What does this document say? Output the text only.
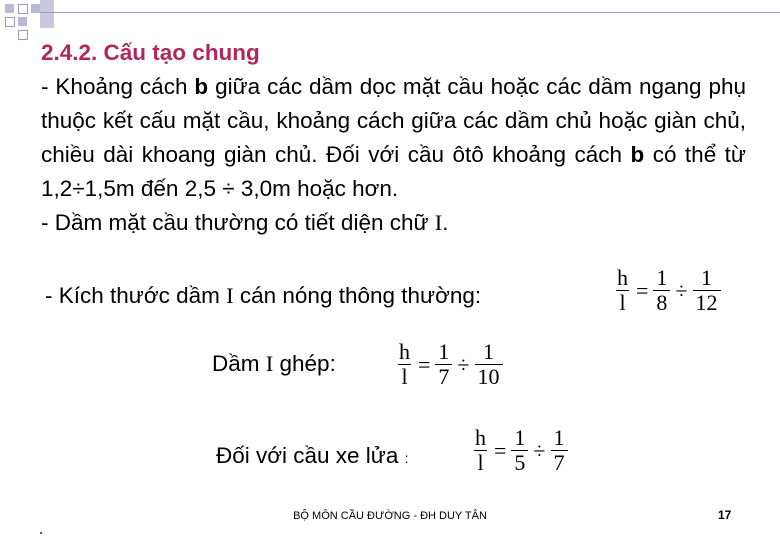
2.4.2. Cấu tạo chung
- Khoảng cách b giữa các dầm dọc mặt cầu hoặc các dầm ngang phụ thuộc kết cấu mặt cầu, khoảng cách giữa các dầm chủ hoặc giàn chủ, chiều dài khoang giàn chủ. Đối với cầu ôtô khoảng cách b có thể từ 1,2÷1,5m đến 2,5 ÷ 3,0m hoặc hơn.
- Dầm mặt cầu thường có tiết diện chữ I.
- Kích thước dầm I cán nóng thông thường:	$\frac{h}{l} = \frac{1}{8} \div \frac{1}{12}$
Dầm I ghép:	$\frac{h}{l} = \frac{1}{7} \div \frac{1}{10}$
Đối với cầu xe lửa :	$\frac{h}{l} = \frac{1}{5} \div \frac{1}{7}$
BỘ MÔN CẦU ĐƯỜNG - ĐH DUY TÂN	17
